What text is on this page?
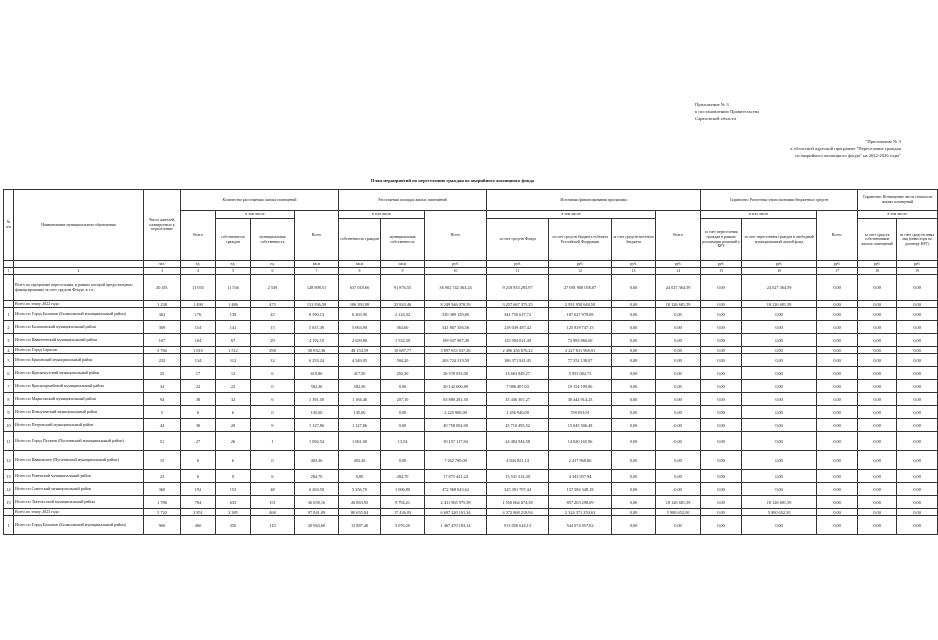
Приложение № 3
к постановлению Правительства
Саратовской области
"Приложение № 3
к областной адресной программе "Переселение граждан
из аварийного жилищного фонда" на 2022-2026 годы"
План мероприятий по переселению граждан из аварийного жилищного фонда
№ п/п	Наименование муниципального образования	Число жителей, планируемых к переселению	Количество расселяемых жилых помещений				Расселяемая площадь жилых помещений			Источники финансирования программы				Справочно: Расчетная сумма экономии бюджетных средств			Справочно: Возмещение части стоимости жилых помещений	
			Всего	в том числе		Всего	в том числе		Всего	в том числе			Всего	в том числе		Всего:	в том числе:	
				собственность граждан	муниципальная собственность		собственность граждан	муниципальная собственность		за счет средств Фонда	за счет средств бюджета субъекта Российской Федерации	за счет средств местного бюджета		за счет переселения граждан в рамках реализации решений о КРТ	за счет переселения граждан в свободный муниципальный жилой фонд		за счет средств собственников жилых помещений	за счет средств иных лиц (инвестора по договору КРТ)
		чел.	ед.	ед.	ед.	кв.м	кв.м	кв.м	руб.	руб.	руб.	руб.	руб.	руб.	руб.	руб.	руб.	руб.
1	2	3	4	5	6	7	8	9	10	11	12	13	14	15	16	17	18	19
	Всего по программе переселения, в рамках которой предусмотрено финансирование за счет средств Фонда, в т.ч.:	20 451	11 035	11 536	2 539	128 898,51	637 018,66	91 876,55	36 902 742 363,24	9 218 833 285,97	27 081 908 058,07	0,00	24 027 364,59	0,00	24 027 364,59	0,00	0,00	0,00
	Всего по этапу 2022 года	1 238	1 490	1 486	475	131 936,59	106 393,98	25 843,46	8 249 946 078,59	3 257 667 375,25	2 951 958 648,58	0,00	18 126 681,59	0,00	18 126 681,59	0,00	0,00	0,00
1	Итого по Город Балашов (Балашовский муниципальный район)	362	176	139	43	8 390,13	6 265,90	2 124,32	529 389 159,80	341 750 637,72	187 627 978,68	0,00	0,00	0,00	0,00	0,00	0,00	0,00
2	Итого по Балашовский муниципальный район	369	154	141	15	5 637,49	5 063,90	363,60	341 867 356,56	218 049 487,42	125 818 747,15	0,00	0,00	0,00	0,00	0,00	0,00	0,00
3	Итого по Ивантеевский муниципальный район	167	104	67	29	4 192,10	2 659,80	1 532,30	199 937 987,49	125 994 021,49	73 983 966,00	0,00	0,00	0,00	0,00	0,00	0,00	0,00
4	Итого по Город Саратов	5 766	1 810	1 512	298	58 832,36	48 154,59	10 687,77	3 897 653 037,26	2 496 256 676,22	2 227 831 968,91	0,00	0,00	0,00	0,00	0,00	0,00	0,00
5	Итого по Ершовский муниципальный район	232	134	112	12	6 253,24	4 549,05	504,20	263 724 319,59	186 371 941,45	77 352 138,07	0,00	0,00	0,00	0,00	0,00	0,00	0,00
6	Итого по Краснокутский муниципальный район	25	17	12	6	619,80	417,50	202,30	26 578 033,00	13 663 949,27	5 953 082,73	0,00	0,00	0,00	0,00	0,00	0,00	0,00
7	Итого по Красноармейский муниципальный район	34	22	22	0	582,30	582,30	0,00	20 142 606,89	7 986 407,03	10 154 199,86	0,00	0,00	0,00	0,00	0,00	0,00	0,00
8	Итого по Марксовский муниципальный район	94	38	32	6	1 391,50	1 184,40	207,10	65 880 281,50	35 436 367,27	30 444 914,23	0,00	0,00	0,00	0,00	0,00	0,00	0,00
9	Итого по Новоузенский муниципальный район	5	6	6	0	145,60	145,60	0,00	2 225 900,00	1 456 946,09	769 053,91	0,00	0,00	0,00	0,00	0,00	0,00	0,00
10	Итого по Петровский муниципальный район	44	30	20	9	1 127,86	1 127,86	0,00	40 758 002,00	25 710 495,52	15 045 506,48	0,00	0,00	0,00	0,00	0,00	0,00	0,00
11	Итого по Город Пугачев (Пугачевский муниципальный район)	51	27	26	1	1 094,54	1 061,00	13,54	39 157 117,84	24 484 944,58	14 620 165,96	0,00	0,00	0,00	0,00	0,00	0,00	0,00
12	Итого по Ивановское (Пугачевский муниципальный район)	15	6	6	0	403,36	403,36	0,00	7 262 790,00	4 844 821,14	2 417 968,86	0,00	0,00	0,00	0,00	0,00	0,00	0,00
13	Итого по Ровенский муниципальный район	23	6	0	6	284,70	0,00	284,70	17 875 421,24	13 531 514,30	4 343 937,94	0,00	0,00	0,00	0,00	0,00	0,00	0,00
14	Итого по Советский муниципальный район	360	192	153	48	6 263,50	5 256,70	1 006,80	472 968 043,62	325 391 797,44	137 586 348,18	0,00	0,00	0,00	0,00	0,00	0,00	0,00
15	Итого по Энгельсский муниципальный район	1 786	784	633	151	36 658,16	26 863,95	9 794,21	2 431 965 975,58	1 550 664 674,38	857 203 298,09	0,00	18 126 681,59	0,00	18 126 681,59	0,00	0,00	0,00
	Всего по этапу 2023 года	5 720	2 851	2 385	468	97 841,09	80 655,04	17 436,05	6 697 220 101,34	4 372 868 218,94	2 324 371 250,63	0,00	5 900 652,50	0,00	5 900 652,50	0,00	0,00	0,00
1	Итого по Город Балашов (Балашовский муниципальный район)	966	460	350	110	20 963,60	15 887,40	5 076,20	1 467 470 183,14	913 056 044,13	544 674 057,02	0,00	0,00	0,00	0,00	0,00	0,00	0,00
